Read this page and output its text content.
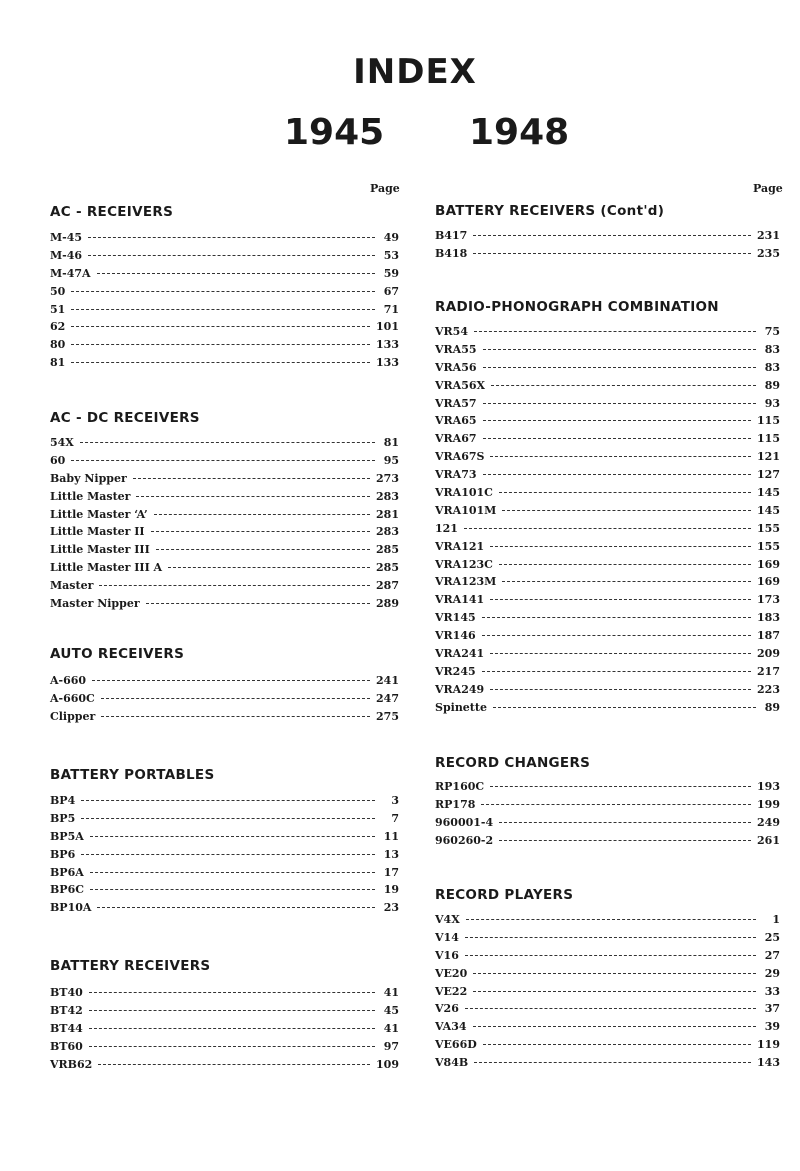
INDEX
1945 1948
Page	Page
AC - RECEIVERS
M-45	49
M-46	53
M-47A	59
50	67
51	71
62	101
80	133
81	133
AC - DC RECEIVERS
54X	81
60	95
Baby Nipper	273
Little Master	283
Little Master ‘A’	281
Little Master II	283
Little Master III	285
Little Master III A	285
Master	287
Master Nipper	289
AUTO RECEIVERS
A-660	241
A-660C	247
Clipper	275
BATTERY PORTABLES
BP4	3
BP5	7
BP5A	11
BP6	13
BP6A	17
BP6C	19
BP10A	23
BATTERY RECEIVERS
BT40	41
BT42	45
BT44	41
BT60	97
VRB62	109
BATTERY RECEIVERS (Cont'd)
B417	231
B418	235
RADIO-PHONOGRAPH COMBINATION
VR54	75
VRA55	83
VRA56	83
VRA56X	89
VRA57	93
VRA65	115
VRA67	115
VRA67S	121
VRA73	127
VRA101C	145
VRA101M	145
121	155
VRA121	155
VRA123C	169
VRA123M	169
VRA141	173
VR145	183
VR146	187
VRA241	209
VR245	217
VRA249	223
Spinette	89
RECORD CHANGERS
RP160C	193
RP178	199
960001-4	249
960260-2	261
RECORD PLAYERS
V4X	1
V14	25
V16	27
VE20	29
VE22	33
V26	37
VA34	39
VE66D	119
V84B	143
